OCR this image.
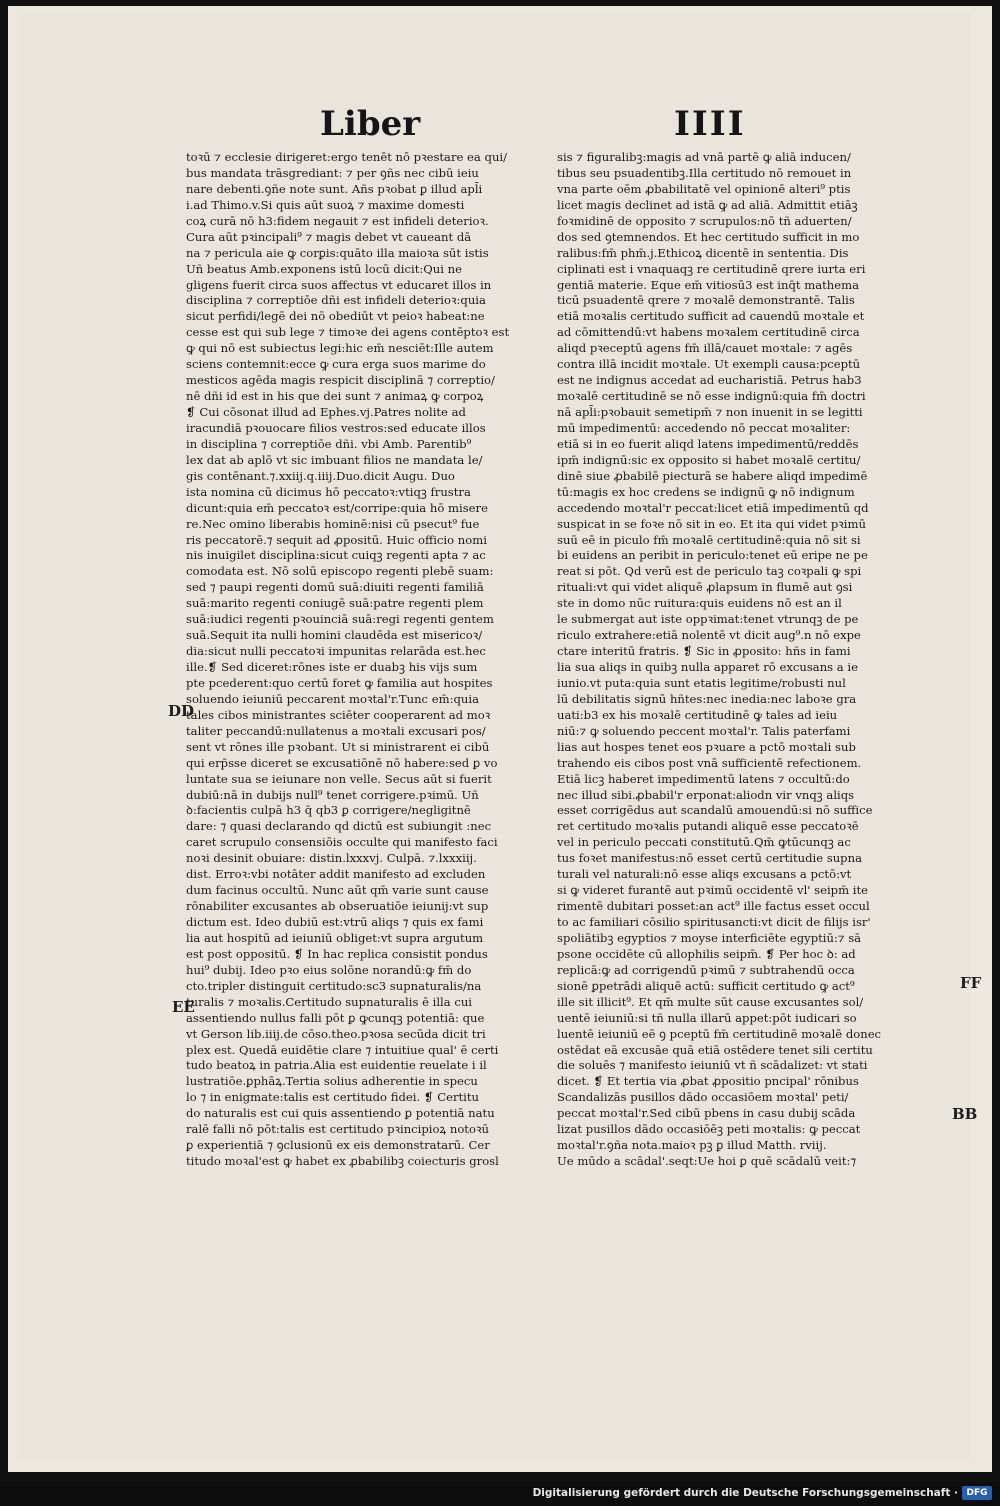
Liber	IIII
toꝛū ⁊ ecclesie dirigeret:ergo tenēt nō pꝛestare ea qui/
bus mandata trāsgrediant: ⁊ per ꝯñs nec cibū ieiu
nare debenti.ꝯñe note sunt. Añs pꝛobat ꝑ illud apl̄i
i.ad Thimo.v.Si quis aūt suoꝝ ⁊ maxime domesti
coꝝ curā nō h3:fidem negauit ⁊ est infideli deterioꝛ.
Cura aūt pꝛincipali⁹ ⁊ magis debet vt caueant dā
na ⁊ pericula aie ꝙ corꝑis:quāto illa maioꝛa sūt istis
Uñ beatus Amb.exponens istū locū dicit:Qui ne
gligens fuerit circa suos affectus vt educaret illos in
disciplina ⁊ correptiōe dñi est infideli deterioꝛ:quia
sicut perfidi/legē dei nō obediūt vt peioꝛ habeat:ne
cesse est qui sub lege ⁊ timoꝛe dei agens contēptoꝛ est
ꝙ qui nō est subiectus legi:hic em̄ nesciēt:Ille autem
sciens contemnit:ecce ꝙ cura erga suos marime do
mesticos agēda magis respicit disciplinā ⁊ correptio/
nē dñi id est in his que dei sunt ⁊ animaꝝ ꝙ corpoꝝ
❡ Cui cōsonat illud ad Ephes.vj.Patres nolite ad
iracundiā pꝛouocare filios vestros:sed educate illos
in disciplina ⁊ correptiōe dñi. vbi Amb. Parentib⁹
lex dat ab aplō vt sic imbuant filios ne mandata le/
gis contēnant.⁊.xxiij.q.iiij.Duo.dicit Augu. Duo
ista nomina cū dicimus hō peccatoꝛ:vtiqꝫ frustra
dicunt:quia em̄ peccatoꝛ est/corripe:quia hō misere
re.Nec omino liberabis hominē:nisi cū psecut⁹ fue
ris peccatorē.⁊ sequit ad ꝓpositū. Huic officio nomi
nis inuigilet disciplina:sicut cuiqꝫ regenti apta ⁊ ac
comodata est. Nō solū episcopo regenti plebē suam:
sed ⁊ paupi regenti domū suā:diuiti regenti familiā
suā:marito regenti coniugē suā:patre regenti plem
suā:iudici regenti pꝛouinciā suā:regi regenti gentem
suā.Sequit ita nulli homini claudēda est misericoꝛ/
dia:sicut nulli peccatoꝛi impunitas relarāda est.hec
ille.❡ Sed diceret:rōnes iste er duabꝫ his vijs sum
pte pcederent:quo certū foret ꝙ familia aut hospites
soluendo ieiuniū peccarent moꝛtal'r.Tunc em̄:quia
tales cibos ministrantes sciēter cooperarent ad moꝛ
taliter peccandū:nullatenus a moꝛtali excusari pos/
sent vt rōnes ille pꝛobant. Ut si ministrarent ei cibū
qui erp̄sse diceret se excusatiōnē nō habere:sed ꝑ vo
luntate sua se ieiunare non velle. Secus aūt si fuerit
dubiū:nā in dubijs null⁹ tenet corrigere.pꝛimū. Uñ
ꝺ:facientis culpā h3 q̄ qb3 ꝑ corrigere/negligitnē
dare: ⁊ quasi declarando qd dictū est subiungit :nec
caret scrupulo consensiōis occulte qui manifesto faci
noꝛi desinit obuiare: distin.lxxxvj. Culpā. ⁊.lxxxiij.
dist. Erroꝛ:vbi notāter addit manifesto ad excluden
dum facinus occultū. Nunc aūt qm̄ varie sunt cause
rōnabiliter excusantes ab obseruatiōe ieiunij:vt sup
dictum est. Ideo dubiū est:vtrū aliqs ⁊ quis ex fami
lia aut hospitū ad ieiuniū obliget:vt supra argutum
est post oppositū. ❡ In hac replica consistit pondus
hui⁹ dubij. Ideo pꝛo eius solōne norandū:ꝙ fm̄ do
cto.tripler distinguit certitudo:sc3 supnaturalis/na
turalis ⁊ moꝛalis.Certitudo supnaturalis ē illa cui
assentiendo nullus falli pōt ꝑ ꝙcunqꝫ potentiā: que
vt Gerson lib.iiij.de cōso.theo.pꝛosa secūda dicit tri
plex est. Quedā euidētie clare ⁊ intuitiue qual' ē certi
tudo beatoꝝ in patria.Alia est euidentie reuelate i il
lustratiōe.ꝑphāꝝ.Tertia solius adherentie in specu
lo ⁊ in enigmate:talis est certitudo fidei. ❡ Certitu
do naturalis est cui quis assentiendo ꝑ potentiā natu
ralē falli nō pōt:talis est certitudo pꝛincipioꝝ notoꝛū
ꝑ experientiā ⁊ ꝯclusionū ex eis demonstratarū. Cer
titudo moꝛal'est ꝙ habet ex ꝓbabilibꝫ coiecturis grosl
sis ⁊ figuralibꝫ:magis ad vnā partē ꝙ aliā inducen/
tibus seu psuadentibꝫ.Illa certitudo nō remouet in
vna parte oēm ꝓbabilitatē vel opinionē alteri⁹ ptis
licet magis declinet ad istā ꝙ ad aliā. Admittit etiāꝫ
foꝛmidinē de opposito ⁊ scrupulos:nō tñ aduerten/
dos sed ꝯtemnendos. Et hec certitudo sufficit in mo
ralibus:fm̄ phm̄.j.Ethicoꝝ dicentē in sententia. Dis
ciplinati est i vnaquaqꝫ re certitudinē qrere iurta eri
gentiā materie. Eque em̄ vitiosū3 est inq̄t mathema
ticū psuadentē qrere ⁊ moꝛalē demonstrantē. Talis
etiā moꝛalis certitudo sufficit ad cauendū moꝛtale et
ad cōmittendū:vt habens moꝛalem certitudinē circa
aliqd pꝛeceptū agens fm̄ illā/cauet moꝛtale: ⁊ agēs
contra illā incidit moꝛtale. Ut exempli causa:pceptū
est ne indignus accedat ad eucharistiā. Petrus hab3
moꝛalē certitudinē se nō esse indignū:quia fm̄ doctri
nā apl̄i:pꝛobauit semetipm̄ ⁊ non inuenit in se legitti
mū impedimentū: accedendo nō peccat moꝛaliter:
etiā si in eo fuerit aliqd latens impedimentū/reddēs
ipm̄ indignū:sic ex opposito si habet moꝛalē certitu/
dinē siue ꝓbabilē piecturā se habere aliqd impedimē
tū:magis ex hoc credens se indignū ꝙ nō indignum
accedendo moꝛtal'r peccat:licet etiā impedimentū qd
suspicat in se foꝛe nō sit in eo. Et ita qui videt pꝛimū
suū eē in piculo fm̄ moꝛalē certitudinē:quia nō sit si
bi euidens an peribit in periculo:tenet eū eripe ne pe
reat si pōt. Qd verū est de periculo taꝫ coꝛpali ꝙ spi
rituali:vt qui videt aliquē ꝓlapsum in flumē aut ꝯsi
ste in domo nūc ruitura:quis euidens nō est an il
le submergat aut iste oppꝛimat:tenet vtrunqꝫ de pe
riculo extrahere:etiā nolentē vt dicit aug⁹.n nō expe
ctare interitū fratris. ❡ Sic in ꝓposito: hñs in fami
lia sua aliqs in quibꝫ nulla apparet rō excusans a ie
iunio.vt puta:quia sunt etatis legitime/robusti nul
lū debilitatis signū hñtes:nec inedia:nec laboꝛe gra
uati:b3 ex his moꝛalē certitudinē ꝙ tales ad ieiu
niū:⁊ ꝙ soluendo peccent moꝛtal'r. Talis paterfami
lias aut hospes tenet eos pꝛuare a pctō moꝛtali sub
trahendo eis cibos post vnā sufficientē refectionem.
Etiā licꝫ haberet impedimentū latens ⁊ occultū:do
nec illud sibi.ꝓbabil'r erponat:aliodn vir vnqꝫ aliqs
esset corrigēdus aut scandalū amouendū:si nō suffice
ret certitudo moꝛalis putandi aliquē esse peccatoꝛē
vel in periculo peccati constitutū.Qm̄ ꝙtūcunqꝫ ac
tus foꝛet manifestus:nō esset certū certitudie supna
turali vel naturali:nō esse aliqs excusans a pctō:vt
si ꝙ videret furantē aut pꝛimū occidentē vl' seipm̄ ite
rimentē dubitari posset:an act⁹ ille factus esset occul
to ac familiari cōsilio spiritusancti:vt dicit de filijs isr'
spoliātibꝫ egyptios ⁊ moyse interficiēte egyptiū:⁊ sā
psone occidēte cū allophilis seipm̄. ❡ Per hoc ꝺ: ad
replicā:ꝙ ad corrigendū pꝛimū ⁊ subtrahendū occa
sionē ꝑpetrādi aliquē actū: sufficit certitudo ꝙ act⁹
ille sit illicit⁹. Et qm̄ multe sūt cause excusantes sol/
uentē ieiuniū:si tñ nulla illarū appet:pōt iudicari so
luentē ieiuniū eē ꝯ pceptū fm̄ certitudinē moꝛalē donec
ostēdat eā excusāe quā etiā ostēdere tenet sili certitu
die soluēs ⁊ manifesto ieiuniū vt ñ scādalizet: vt stati
dicet. ❡ Et tertia via ꝓbat ꝓpositio pncipal' rōnibus
Scandalizās pusillos dādo occasiōem moꝛtal' peti/
peccat moꝛtal'r.Sed cibū pbens in casu dubij scāda
lizat pusillos dādo occasiōēꝫ peti moꝛtalis: ꝙ peccat
moꝛtal'r.ꝯña nota.maioꝛ pꝫ ꝑ illud Matth. rviij.
Ue mūdo a scādal'.seqt:Ue hoi ꝑ quē scādalū veit:⁊
DD
EE
FF
BB
Digitalisierung gefördert durch die Deutsche Forschungsgemeinschaft · DFG
